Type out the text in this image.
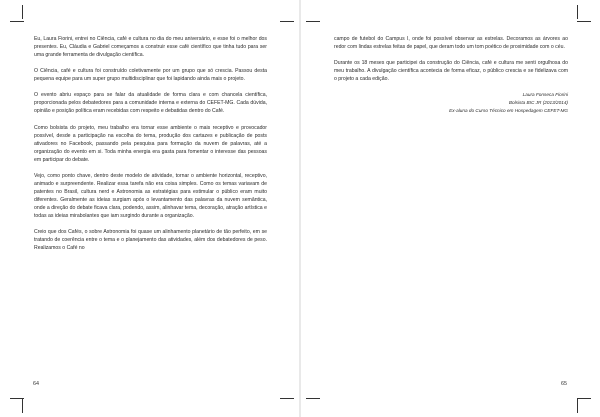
Eu, Laura Fiorini, entrei no Ciência, café e cultura no dia do meu aniversário, e esse foi o melhor dos presentes. Eu, Cláudia e Gabriel começamos a construir esse café científico que tinha tudo para ser uma grande ferramenta de divulgação científica.

O Ciência, café e cultura foi construído coletivamente por um grupo que só crescia. Passou desta pequena equipe para um super grupo multidisciplinar que foi lapidando ainda mais o projeto.

O evento abriu espaço para se falar da atualidade de forma clara e com chancela científica, proporcionada pelos debatedores para a comunidade interna e externa do CEFET-MG. Cada dúvida, opinião e posição política eram recebidas com respeito e debatidas dentro do Café.

Como bolsista do projeto, meu trabalho era tornar esse ambiente o mais receptivo e provocador possível, desde a participação na escolha do tema, produção dos cartazes e publicação de posts ativadores no Facebook, passando pela pesquisa para formação da nuvem de palavras, até a organização do evento em si. Toda minha energia era gasta para fomentar o interesse das pessoas em participar do debate.

Vejo, como ponto chave, dentro deste modelo de atividade, tornar o ambiente horizontal, receptivo, animado e surpreendente. Realizar essa tarefa não era coisa simples. Como os temas variavam de patentes no Brasil, cultura nerd e Astronomia as estratégias para estimular o público eram muito diferentes. Geralmente as ideias surgiam após o levantamento das palavras da nuvem semântica, onde a direção do debate ficava clara, podendo, assim, alinhavar tema, decoração, atração artística e todas as ideias mirabolantes que iam surgindo durante a organização.

Creio que dos Cafés, o sobre Astronomia foi quase um alinhamento planetário de tão perfeito, em se tratando de coerência entre o tema e o planejamento das atividades, além dos debatedores de peso. Realizamos o Café no

campo de futebol do Campus I, onde foi possível observar as estrelas. Decoramos as árvores ao redor com lindas estrelas feitas de papel, que deram todo um tom poético de proximidade com o céu.

Durante os 18 meses que participei da construção do Ciência, café e cultura me senti orgulhosa do meu trabalho. A divulgação científica acontecia de forma eficaz, o público crescia e se fidelizava com o projeto a cada edição.

Laura Fonseca Fiorini
Bolsista BIC JR (2013/2014)
Ex-aluna do Curso Técnico em Hospedagem CEFET-MG
64	65
